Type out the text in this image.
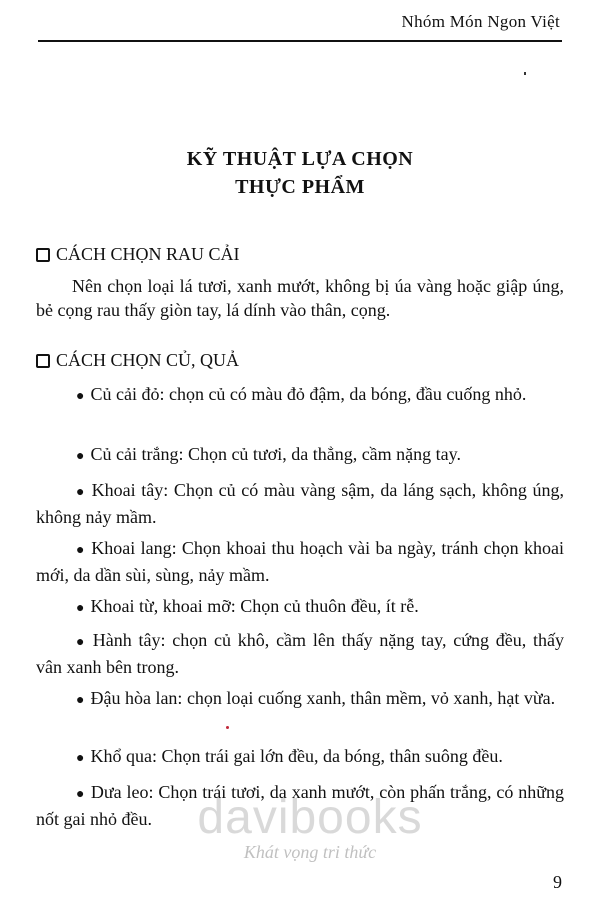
Nhóm Món Ngon Việt
KỸ THUẬT LỰA CHỌN
THỰC PHẨM
CÁCH CHỌN RAU CẢI
Nên chọn loại lá tươi, xanh mướt, không bị úa vàng hoặc giập úng, bẻ cọng rau thấy giòn tay, lá dính vào thân, cọng.
CÁCH CHỌN CỦ, QUẢ
● Củ cải đỏ: chọn củ có màu đỏ đậm, da bóng, đầu cuống nhỏ.
● Củ cải trắng: Chọn củ tươi, da thẳng, cầm nặng tay.
● Khoai tây: Chọn củ có màu vàng sậm, da láng sạch, không úng, không nảy mầm.
● Khoai lang: Chọn khoai thu hoạch vài ba ngày, tránh chọn khoai mới, da dần sùi, sùng, nảy mầm.
● Khoai từ, khoai mỡ: Chọn củ thuôn đều, ít rễ.
● Hành tây: chọn củ khô, cầm lên thấy nặng tay, cứng đều, thấy vân xanh bên trong.
● Đậu hòa lan: chọn loại cuống xanh, thân mềm, vỏ xanh, hạt vừa.
● Khổ qua: Chọn trái gai lớn đều, da bóng, thân suông đều.
● Dưa leo: Chọn trái tươi, da xanh mướt, còn phấn trắng, có những nốt gai nhỏ đều. davibooks
Khát vọng tri thức
9
